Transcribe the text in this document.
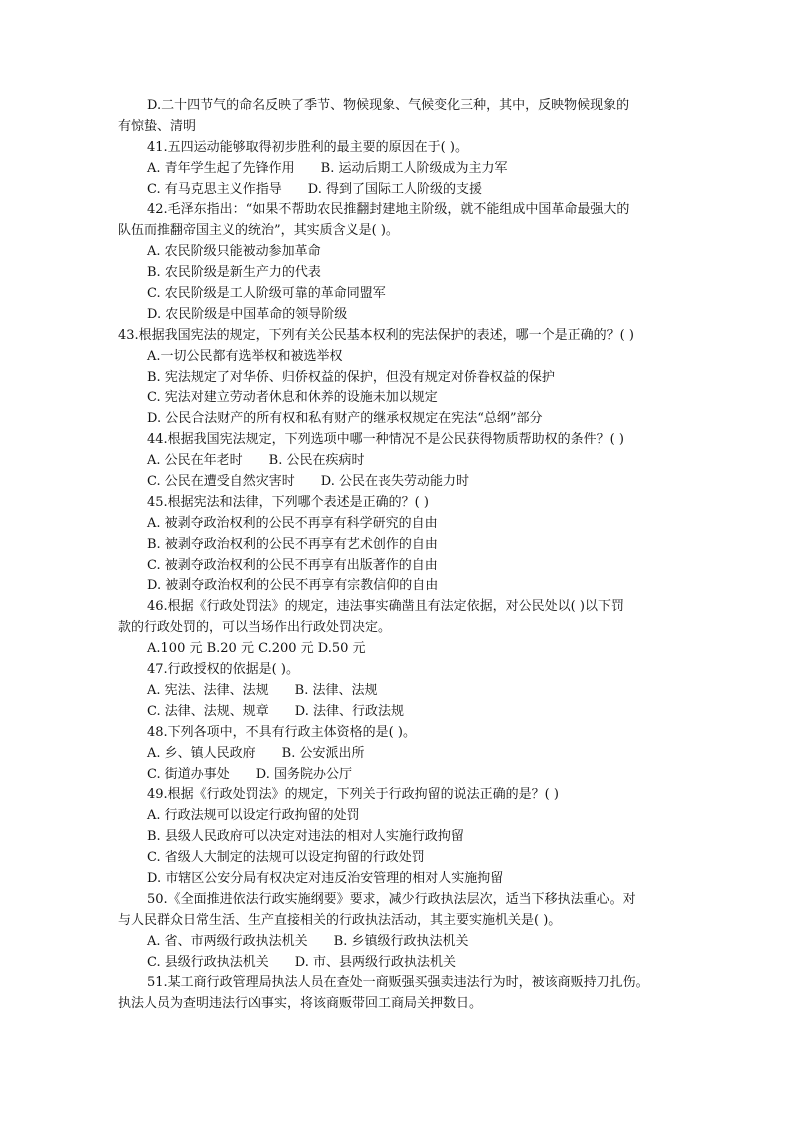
D.二十四节气的命名反映了季节、物候现象、气候变化三种，其中，反映物候现象的
有惊蛰、清明
41.五四运动能够取得初步胜利的最主要的原因在于( )。
A. 青年学生起了先锋作用　　B. 运动后期工人阶级成为主力军
C. 有马克思主义作指导　　D. 得到了国际工人阶级的支援
42.毛泽东指出：“如果不帮助农民推翻封建地主阶级，就不能组成中国革命最强大的
队伍而推翻帝国主义的统治”，其实质含义是( )。
A. 农民阶级只能被动参加革命
B. 农民阶级是新生产力的代表
C. 农民阶级是工人阶级可靠的革命同盟军
D. 农民阶级是中国革命的领导阶级
43.根据我国宪法的规定，下列有关公民基本权利的宪法保护的表述，哪一个是正确的？( )
A.一切公民都有选举权和被选举权
B. 宪法规定了对华侨、归侨权益的保护，但没有规定对侨眷权益的保护
C. 宪法对建立劳动者休息和休养的设施未加以规定
D. 公民合法财产的所有权和私有财产的继承权规定在宪法“总纲”部分
44.根据我国宪法规定，下列选项中哪一种情况不是公民获得物质帮助权的条件？( )
A. 公民在年老时　　B. 公民在疾病时
C. 公民在遭受自然灾害时　　D. 公民在丧失劳动能力时
45.根据宪法和法律，下列哪个表述是正确的？( )
A. 被剥夺政治权利的公民不再享有科学研究的自由
B. 被剥夺政治权利的公民不再享有艺术创作的自由
C. 被剥夺政治权利的公民不再享有出版著作的自由
D. 被剥夺政治权利的公民不再享有宗教信仰的自由
46.根据《行政处罚法》的规定，违法事实确凿且有法定依据，对公民处以( )以下罚
款的行政处罚的，可以当场作出行政处罚决定。
A.100 元 B.20 元 C.200 元 D.50 元
47.行政授权的依据是( )。
A. 宪法、法律、法规　　B. 法律、法规
C. 法律、法规、规章　　D. 法律、行政法规
48.下列各项中，不具有行政主体资格的是( )。
A. 乡、镇人民政府　　B. 公安派出所
C. 街道办事处　　D. 国务院办公厅
49.根据《行政处罚法》的规定，下列关于行政拘留的说法正确的是？( )
A. 行政法规可以设定行政拘留的处罚
B. 县级人民政府可以决定对违法的相对人实施行政拘留
C. 省级人大制定的法规可以设定拘留的行政处罚
D. 市辖区公安分局有权决定对违反治安管理的相对人实施拘留
50.《全面推进依法行政实施纲要》要求，减少行政执法层次，适当下移执法重心。对
与人民群众日常生活、生产直接相关的行政执法活动，其主要实施机关是( )。
A. 省、市两级行政执法机关　　B. 乡镇级行政执法机关
C. 县级行政执法机关　　D. 市、县两级行政执法机关
51.某工商行政管理局执法人员在查处一商贩强买强卖违法行为时，被该商贩持刀扎伤。
执法人员为查明违法行凶事实，将该商贩带回工商局关押数日。
